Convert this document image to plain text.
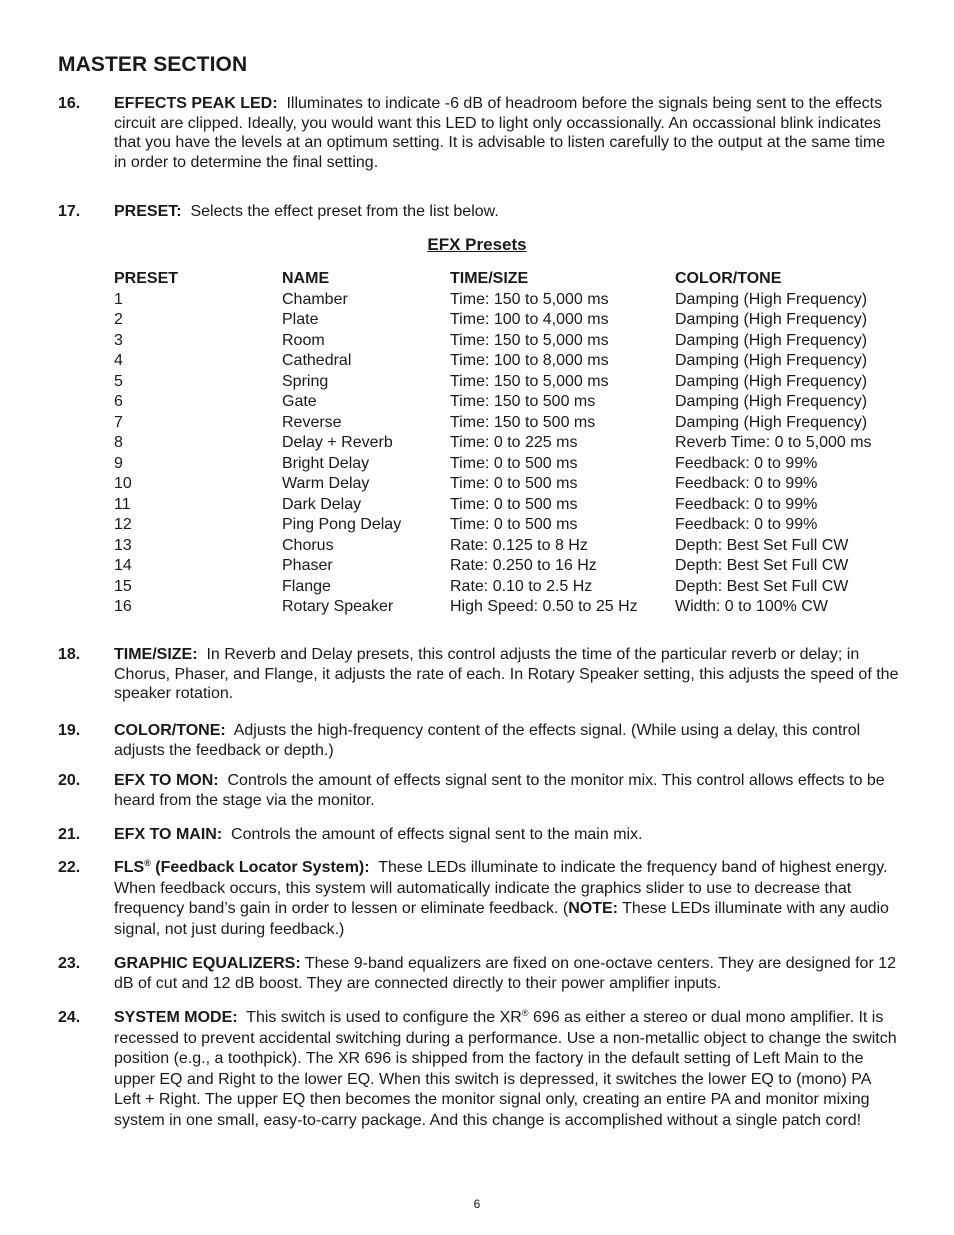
MASTER SECTION
16. EFFECTS PEAK LED: Illuminates to indicate -6 dB of headroom before the signals being sent to the effects circuit are clipped. Ideally, you would want this LED to light only occassionally. An occassional blink indicates that you have the levels at an optimum setting. It is advisable to listen carefully to the output at the same time in order to determine the final setting.
17. PRESET: Selects the effect preset from the list below.
EFX Presets
PRESET	NAME	TIME/SIZE	COLOR/TONE
1	Chamber	Time: 150 to 5,000 ms	Damping (High Frequency)
2	Plate	Time: 100 to 4,000 ms	Damping (High Frequency)
3	Room	Time: 150 to 5,000 ms	Damping (High Frequency)
4	Cathedral	Time: 100 to 8,000 ms	Damping (High Frequency)
5	Spring	Time: 150 to 5,000 ms	Damping (High Frequency)
6	Gate	Time: 150 to 500 ms	Damping (High Frequency)
7	Reverse	Time: 150 to 500 ms	Damping (High Frequency)
8	Delay + Reverb	Time: 0 to 225 ms	Reverb Time: 0 to 5,000 ms
9	Bright Delay	Time: 0 to 500 ms	Feedback: 0 to 99%
10	Warm Delay	Time: 0 to 500 ms	Feedback: 0 to 99%
11	Dark Delay	Time: 0 to 500 ms	Feedback: 0 to 99%
12	Ping Pong Delay	Time: 0 to 500 ms	Feedback: 0 to 99%
13	Chorus	Rate: 0.125 to 8 Hz	Depth: Best Set Full CW
14	Phaser	Rate: 0.250 to 16 Hz	Depth: Best Set Full CW
15	Flange	Rate: 0.10 to 2.5 Hz	Depth: Best Set Full CW
16	Rotary Speaker	High Speed: 0.50 to 25 Hz	Width: 0 to 100% CW
18. TIME/SIZE: In Reverb and Delay presets, this control adjusts the time of the particular reverb or delay; in Chorus, Phaser, and Flange, it adjusts the rate of each. In Rotary Speaker setting, this adjusts the speed of the speaker rotation.
19. COLOR/TONE: Adjusts the high-frequency content of the effects signal. (While using a delay, this control adjusts the feedback or depth.)
20. EFX TO MON: Controls the amount of effects signal sent to the monitor mix. This control allows effects to be heard from the stage via the monitor.
21. EFX TO MAIN: Controls the amount of effects signal sent to the main mix.
22. FLS® (Feedback Locator System): These LEDs illuminate to indicate the frequency band of highest energy. When feedback occurs, this system will automatically indicate the graphics slider to use to decrease that frequency band’s gain in order to lessen or eliminate feedback. (NOTE: These LEDs illuminate with any audio signal, not just during feedback.)
23. GRAPHIC EQUALIZERS: These 9-band equalizers are fixed on one-octave centers. They are designed for 12 dB of cut and 12 dB boost. They are connected directly to their power amplifier inputs.
24. SYSTEM MODE: This switch is used to configure the XR® 696 as either a stereo or dual mono amplifier. It is recessed to prevent accidental switching during a performance. Use a non-metallic object to change the switch position (e.g., a toothpick). The XR 696 is shipped from the factory in the default setting of Left Main to the upper EQ and Right to the lower EQ. When this switch is depressed, it switches the lower EQ to (mono) PA Left + Right. The upper EQ then becomes the monitor signal only, creating an entire PA and monitor mixing system in one small, easy-to-carry package. And this change is accomplished without a single patch cord!
6
